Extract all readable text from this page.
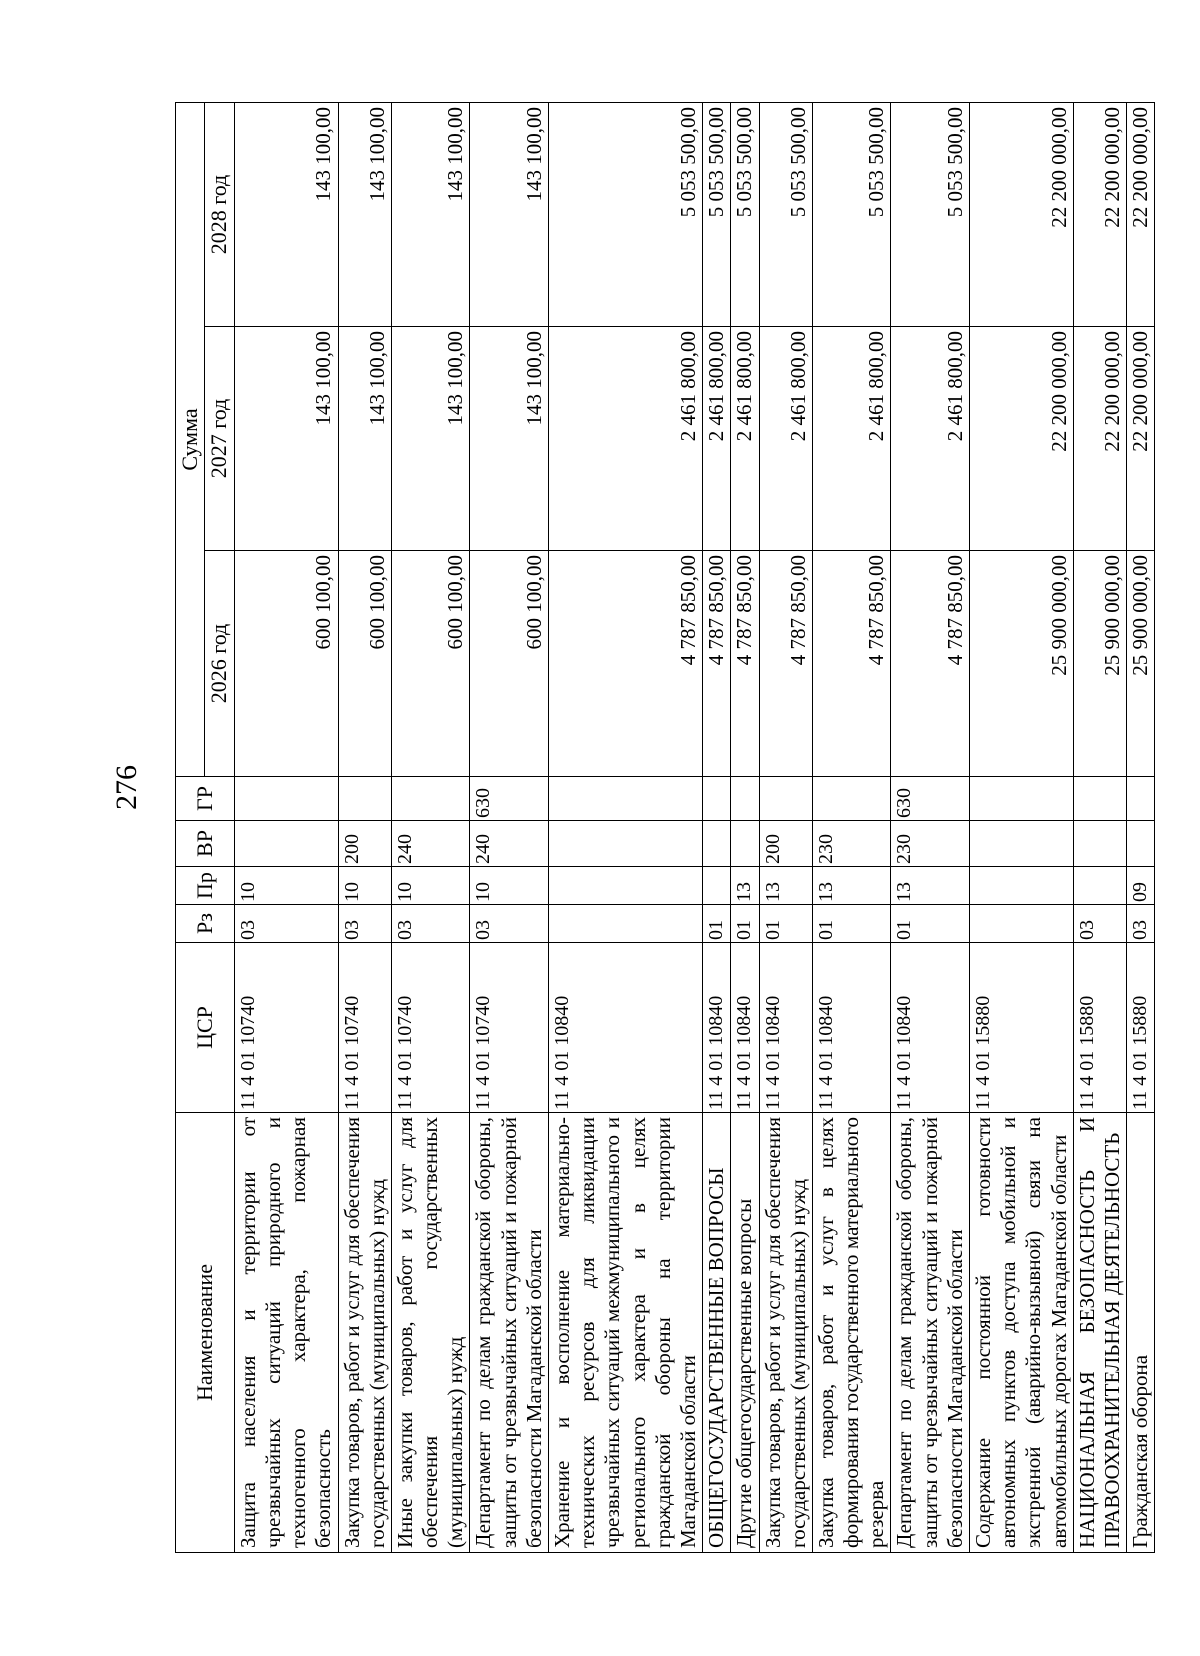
276
Наименование	ЦСР	Рз	Пр	ВР	ГР	Сумма		
						2026 год	2027 год	2028 год
Защита населения и территории от чрезвычайных ситуаций природного и техногенного характера, пожарная безопасность	11 4 01 10740	03	10			600 100,00	143 100,00	143 100,00
Закупка товаров, работ и услуг для обеспечения государственных (муниципальных) нужд	11 4 01 10740	03	10	200		600 100,00	143 100,00	143 100,00
Иные закупки товаров, работ и услуг для обеспечения государственных (муниципальных) нужд	11 4 01 10740	03	10	240		600 100,00	143 100,00	143 100,00
Департамент по делам гражданской обороны, защиты от чрезвычайных ситуаций и пожарной безопасности Магаданской области	11 4 01 10740	03	10	240	630	600 100,00	143 100,00	143 100,00
Хранение и восполнение материально-технических ресурсов для ликвидации чрезвычайных ситуаций межмуниципального и регионального характера и в целях гражданской обороны на территории Магаданской области	11 4 01 10840					4 787 850,00	2 461 800,00	5 053 500,00
ОБЩЕГОСУДАРСТВЕННЫЕ ВОПРОСЫ	11 4 01 10840	01				4 787 850,00	2 461 800,00	5 053 500,00
Другие общегосударственные вопросы	11 4 01 10840	01	13			4 787 850,00	2 461 800,00	5 053 500,00
Закупка товаров, работ и услуг для обеспечения государственных (муниципальных) нужд	11 4 01 10840	01	13	200		4 787 850,00	2 461 800,00	5 053 500,00
Закупка товаров, работ и услуг в целях формирования государственного материального резерва	11 4 01 10840	01	13	230		4 787 850,00	2 461 800,00	5 053 500,00
Департамент по делам гражданской обороны, защиты от чрезвычайных ситуаций и пожарной безопасности Магаданской области	11 4 01 10840	01	13	230	630	4 787 850,00	2 461 800,00	5 053 500,00
Содержание постоянной готовности автономных пунктов доступа мобильной и экстренной (аварийно-вызывной) связи на автомобильных дорогах Магаданской области	11 4 01 15880					25 900 000,00	22 200 000,00	22 200 000,00
НАЦИОНАЛЬНАЯ БЕЗОПАСНОСТЬ И ПРАВООХРАНИТЕЛЬНАЯ ДЕЯТЕЛЬНОСТЬ	11 4 01 15880	03				25 900 000,00	22 200 000,00	22 200 000,00
Гражданская оборона	11 4 01 15880	03	09			25 900 000,00	22 200 000,00	22 200 000,00
